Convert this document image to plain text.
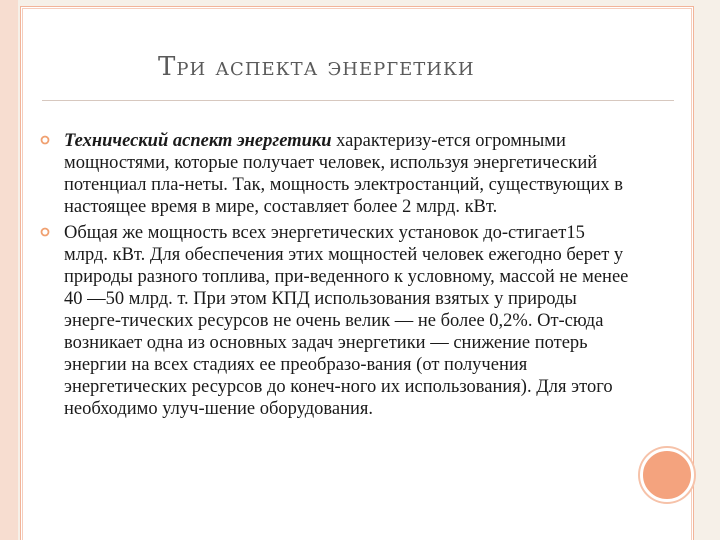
Три аспекта энергетики
Технический аспект энергетики характеризу-ется огромными мощностями, которые получает человек, используя энергетический потенциал пла-неты. Так, мощность электростанций, существующих в настоящее время в мире, составляет более 2 млрд. кВт.
Общая же мощность всех энергетических установок до-стигает15 млрд. кВт. Для обеспечения этих мощностей человек ежегодно берет у природы разного топлива, при-веденного к условному, массой не менее 40 —50 млрд. т. При этом КПД использования взятых у природы энерге-тических ресурсов не очень велик — не более 0,2%. От-сюда возникает одна из основных задач энергетики — снижение потерь энергии на всех стадиях ее преобразо-вания (от получения энергетических ресурсов до конеч-ного их использования). Для этого необходимо улуч-шение оборудования.
